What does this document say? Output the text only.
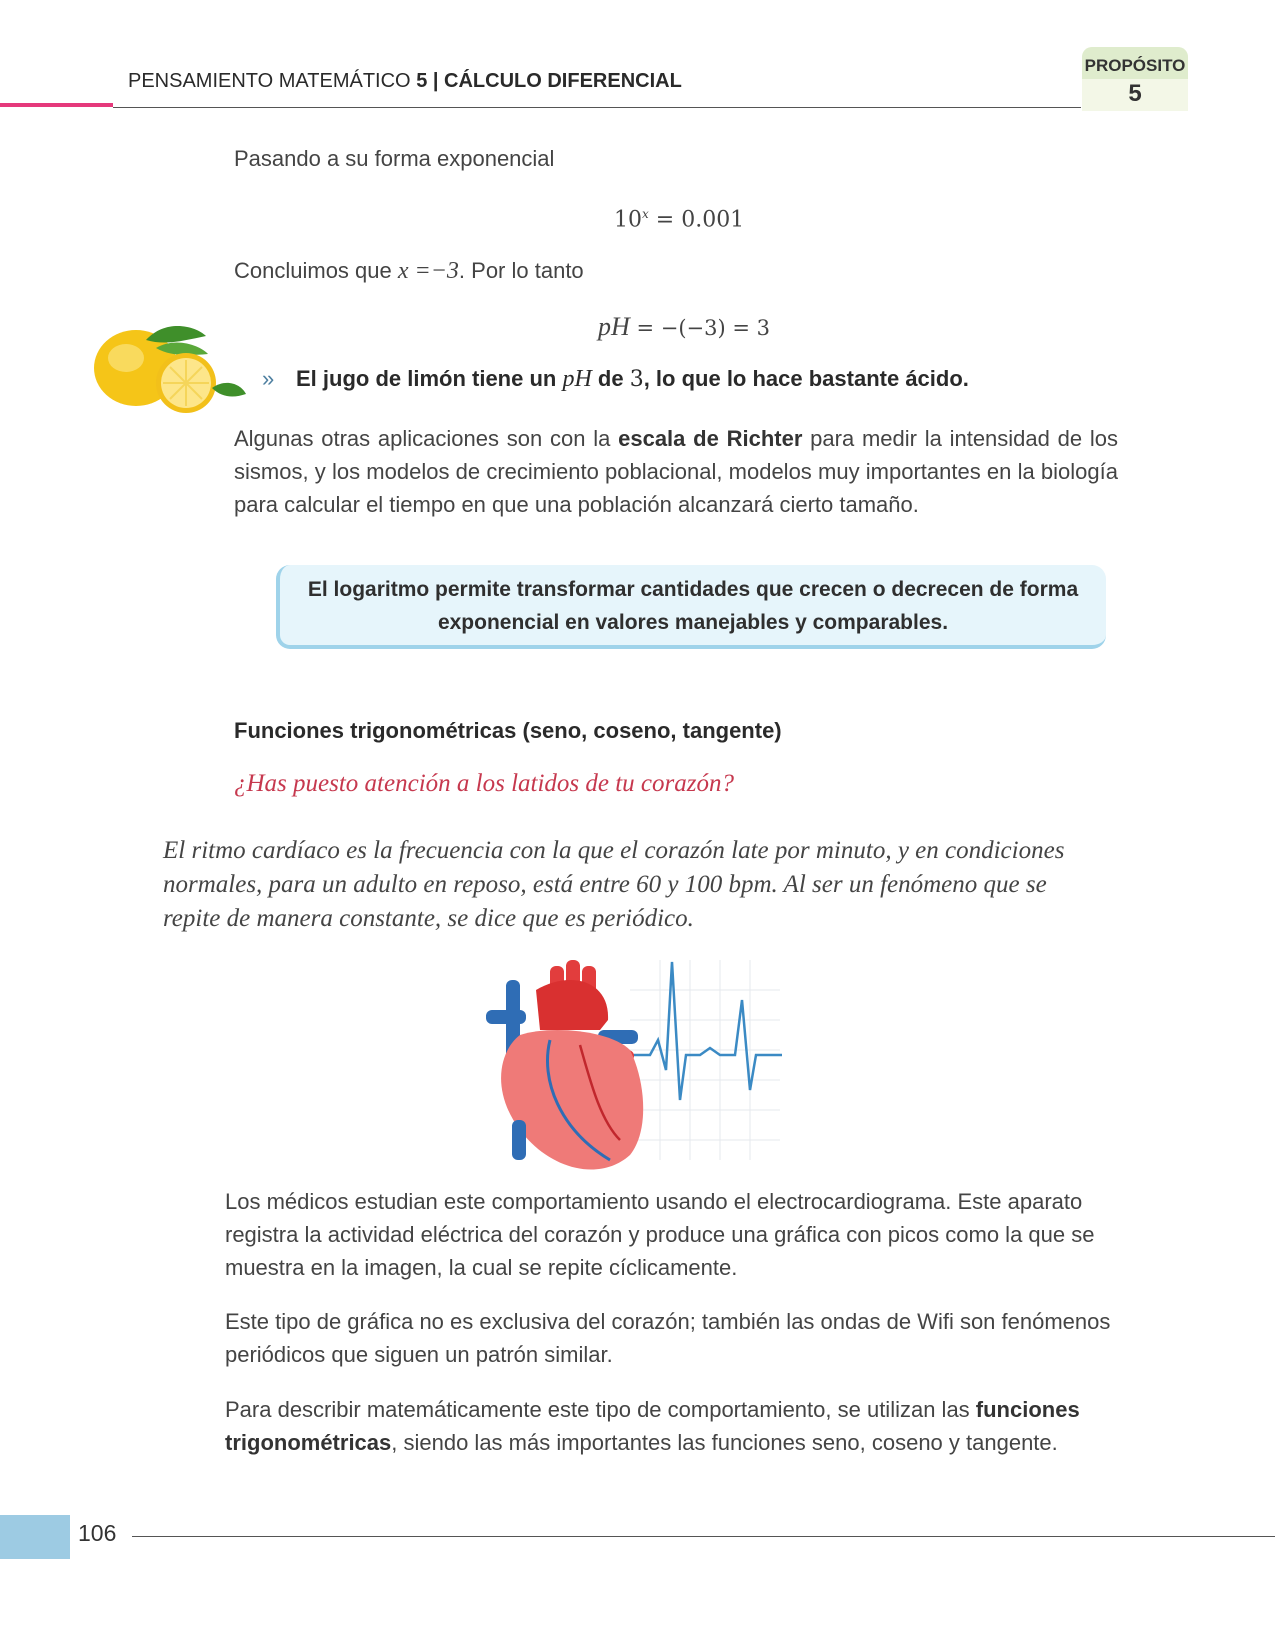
PENSAMIENTO MATEMÁTICO 5 | CÁLCULO DIFERENCIAL
PROPÓSITO
5
Pasando a su forma exponencial
$10^x = 0.001$
Concluimos que x =−3. Por lo tanto
pH = −(−3) = 3
» El jugo de limón tiene un pH de 3, lo que lo hace bastante ácido.
Algunas otras aplicaciones son con la escala de Richter para medir la intensidad de los sismos, y los modelos de crecimiento poblacional, modelos muy importantes en la biología para calcular el tiempo en que una población alcanzará cierto tamaño.
El logaritmo permite transformar cantidades que crecen o decrecen de forma exponencial en valores manejables y comparables.
Funciones trigonométricas (seno, coseno, tangente)
¿Has puesto atención a los latidos de tu corazón?
El ritmo cardíaco es la frecuencia con la que el corazón late por minuto, y en condiciones normales, para un adulto en reposo, está entre 60 y 100 bpm. Al ser un fenómeno que se repite de manera constante, se dice que es periódico.
Los médicos estudian este comportamiento usando el electrocardiograma. Este aparato registra la actividad eléctrica del corazón y produce una gráfica con picos como la que se muestra en la imagen, la cual se repite cíclicamente.
Este tipo de gráfica no es exclusiva del corazón; también las ondas de Wifi son fenómenos periódicos que siguen un patrón similar.
Para describir matemáticamente este tipo de comportamiento, se utilizan las funciones trigonométricas, siendo las más importantes las funciones seno, coseno y tangente.
106
